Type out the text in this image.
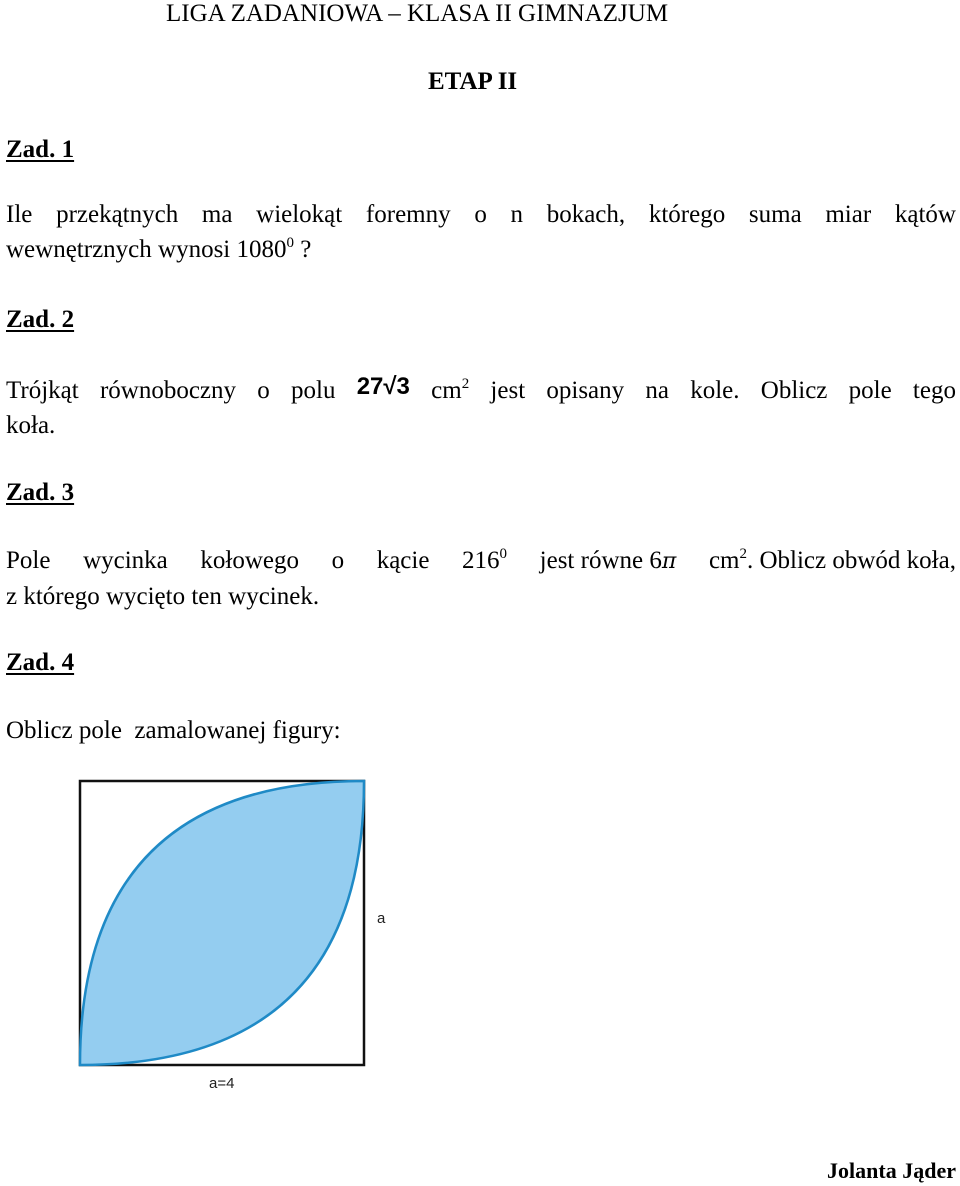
LIGA ZADANIOWA – KLASA II GIMNAZJUM
ETAP II
Zad. 1
Ile przekątnych ma wielokąt foremny o n bokach, którego suma miar kątów
wewnętrznych wynosi 1080$^0$ ?
Zad. 2
Trójkąt równoboczny o polu 27√3 $cm^2$ jest opisany na kole. Oblicz pole tego
koła.
Zad. 3
Pole wycinka kołowego o kącie $216^0$ jest równe 6π $cm^2$. Oblicz obwód koła,
z którego wycięto ten wycinek.
Zad. 4
Oblicz pole  zamalowanej figury:
a
a=4
Jolanta Jąder
